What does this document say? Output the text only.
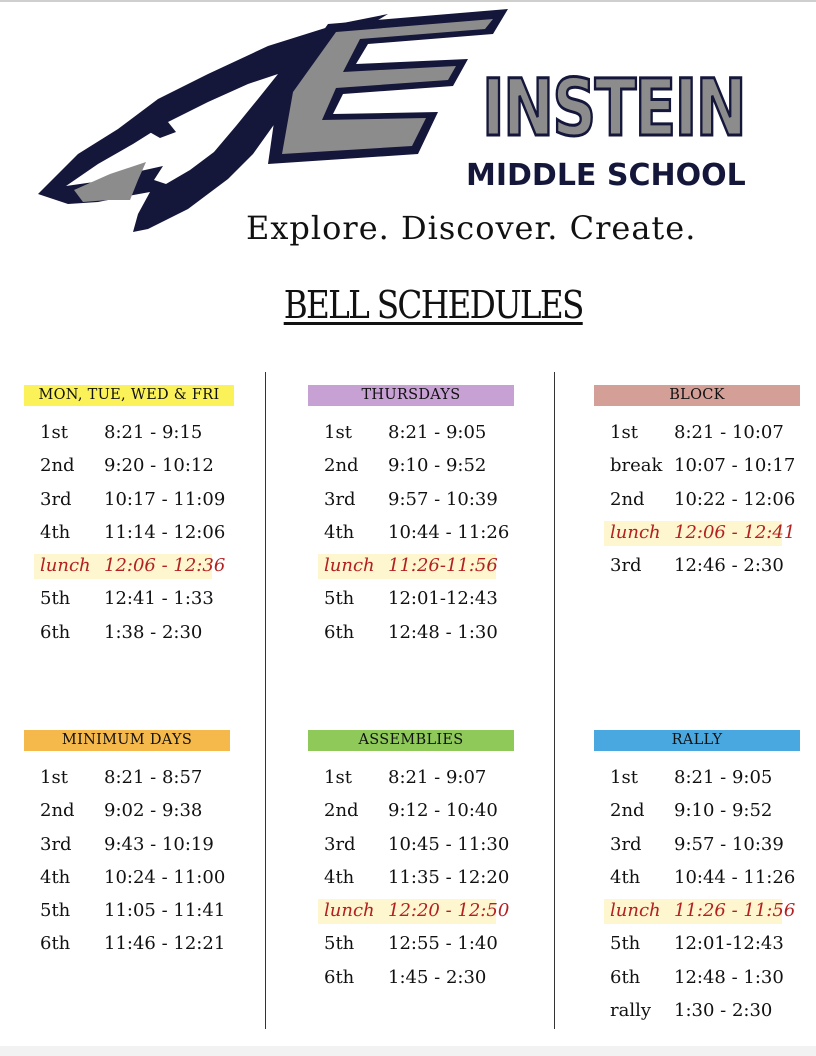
INSTEIN
MIDDLE SCHOOL
Explore. Discover. Create.
BELL SCHEDULES
MON, TUE, WED & FRI
1st 8:21 - 9:15
2nd 9:20 - 10:12
3rd 10:17 - 11:09
4th 11:14 - 12:06
lunch 12:06 - 12:36
5th 12:41 - 1:33
6th 1:38 - 2:30
THURSDAYS
1st 8:21 - 9:05
2nd 9:10 - 9:52
3rd 9:57 - 10:39
4th 10:44 - 11:26
lunch 11:26-11:56
5th 12:01-12:43
6th 12:48 - 1:30
BLOCK
1st 8:21 - 10:07
break 10:07 - 10:17
2nd 10:22 - 12:06
lunch 12:06 - 12:41
3rd 12:46 - 2:30
MINIMUM DAYS
1st 8:21 - 8:57
2nd 9:02 - 9:38
3rd 9:43 - 10:19
4th 10:24 - 11:00
5th 11:05 - 11:41
6th 11:46 - 12:21
ASSEMBLIES
1st 8:21 - 9:07
2nd 9:12 - 10:40
3rd 10:45 - 11:30
4th 11:35 - 12:20
lunch 12:20 - 12:50
5th 12:55 - 1:40
6th 1:45 - 2:30
RALLY
1st 8:21 - 9:05
2nd 9:10 - 9:52
3rd 9:57 - 10:39
4th 10:44 - 11:26
lunch 11:26 - 11:56
5th 12:01-12:43
6th 12:48 - 1:30
rally 1:30 - 2:30
